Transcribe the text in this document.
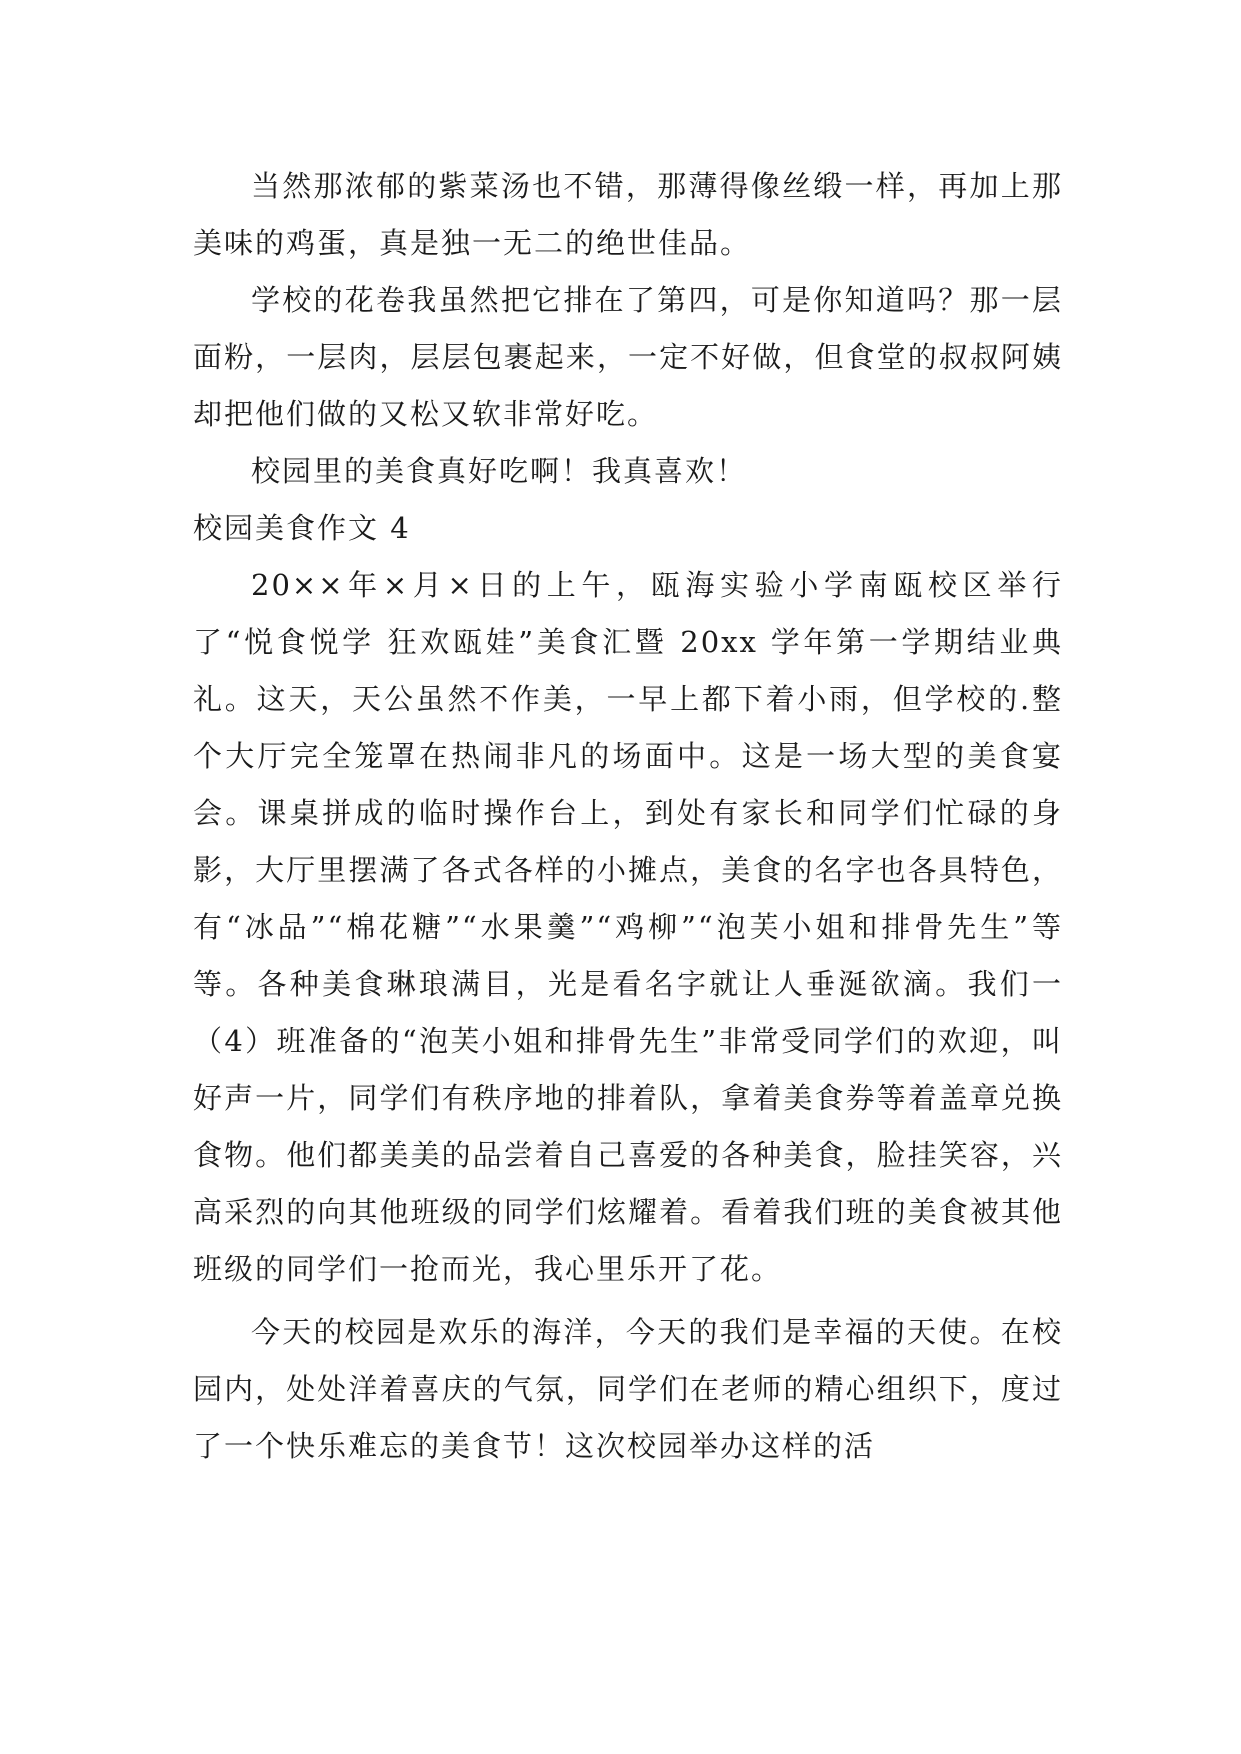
当然那浓郁的紫菜汤也不错，那薄得像丝缎一样，再加上那美味的鸡蛋，真是独一无二的绝世佳品。

学校的花卷我虽然把它排在了第四，可是你知道吗？那一层面粉，一层肉，层层包裹起来，一定不好做，但食堂的叔叔阿姨却把他们做的又松又软非常好吃。

校园里的美食真好吃啊！我真喜欢！

校园美食作文 4

20××年×月×日的上午，瓯海实验小学南瓯校区举行了“悦食悦学 狂欢瓯娃”美食汇暨 20xx 学年第一学期结业典礼。这天，天公虽然不作美，一早上都下着小雨，但学校的.整个大厅完全笼罩在热闹非凡的场面中。这是一场大型的美食宴会。课桌拼成的临时操作台上，到处有家长和同学们忙碌的身影，大厅里摆满了各式各样的小摊点，美食的名字也各具特色，有“冰品”“棉花糖”“水果羹”“鸡柳”“泡芙小姐和排骨先生”等等。各种美食琳琅满目，光是看名字就让人垂涎欲滴。我们一（4）班准备的“泡芙小姐和排骨先生”非常受同学们的欢迎，叫好声一片，同学们有秩序地的排着队，拿着美食券等着盖章兑换食物。他们都美美的品尝着自己喜爱的各种美食，脸挂笑容，兴高采烈的向其他班级的同学们炫耀着。看着我们班的美食被其他班级的同学们一抢而光，我心里乐开了花。

今天的校园是欢乐的海洋，今天的我们是幸福的天使。在校园内，处处洋着喜庆的气氛，同学们在老师的精心组织下，度过了一个快乐难忘的美食节！这次校园举办这样的活
